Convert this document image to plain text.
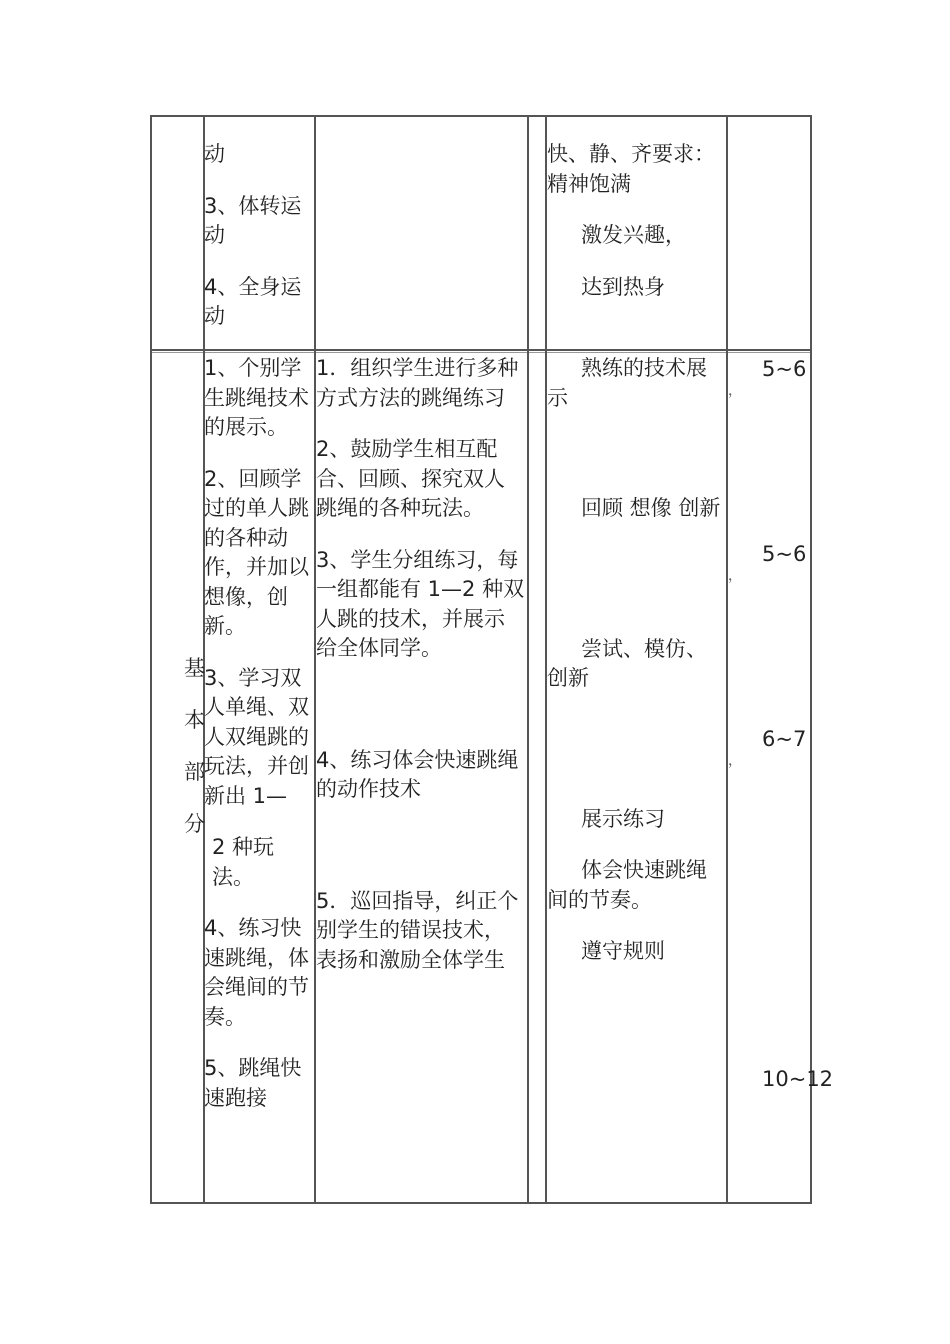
动

3、体转运动

4、全身运动

快、静、齐要求：精神饱满

激发兴趣，

达到热身

基
本
部
分

1、个别学生跳绳技术的展示。

2、回顾学过的单人跳的各种动作，并加以想像，创新。

3、学习双人单绳、双人双绳跳的玩法，并创新出 1—

2 种玩法。

4、练习快速跳绳，体会绳间的节奏。

5、跳绳快速跑接

1．组织学生进行多种方式方法的跳绳练习

2、鼓励学生相互配合、回顾、探究双人跳绳的各种玩法。

3、学生分组练习，每一组都能有 1—2 种双人跳的技术，并展示给全体同学。

4、练习体会快速跳绳的动作技术

5．巡回指导，纠正个别学生的错误技术，表扬和激励全体学生

熟练的技术展示

回顾 想像 创新

尝试、模仿、创新

展示练习

体会快速跳绳间的节奏。

遵守规则

，
5~6
，
5~6
，
6~7
10~12
